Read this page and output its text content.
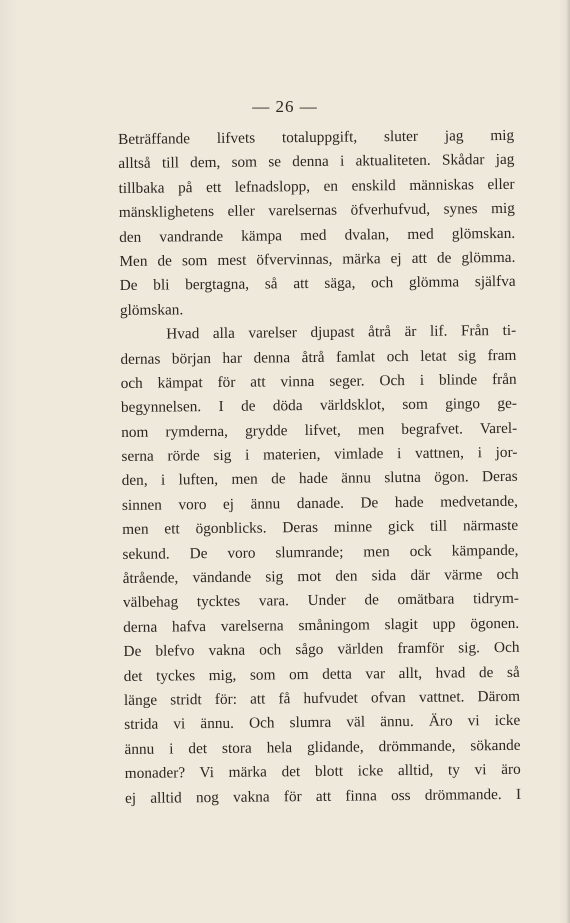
— 26 —
Beträffande lifvets totaluppgift, sluter jag mig
alltså till dem, som se denna i aktualiteten. Skådar jag
tillbaka på ett lefnadslopp, en enskild människas eller
mänsklighetens eller varelsernas öfverhufvud, synes mig
den vandrande kämpa med dvalan, med glömskan.
Men de som mest öfvervinnas, märka ej att de glömma.
De bli bergtagna, så att säga, och glömma själfva
glömskan.
Hvad alla varelser djupast åtrå är lif. Från ti-
dernas början har denna åtrå famlat och letat sig fram
och kämpat för att vinna seger. Och i blinde från
begynnelsen. I de döda världsklot, som gingo ge-
nom rymderna, grydde lifvet, men begrafvet. Varel-
serna rörde sig i materien, vimlade i vattnen, i jor-
den, i luften, men de hade ännu slutna ögon. Deras
sinnen voro ej ännu danade. De hade medvetande,
men ett ögonblicks. Deras minne gick till närmaste
sekund. De voro slumrande; men ock kämpande,
åtrående, vändande sig mot den sida där värme och
välbehag tycktes vara. Under de omätbara tidrym-
derna hafva varelserna småningom slagit upp ögonen.
De blefvo vakna och sågo världen framför sig. Och
det tyckes mig, som om detta var allt, hvad de så
länge stridt för: att få hufvudet ofvan vattnet. Därom
strida vi ännu. Och slumra väl ännu. Äro vi icke
ännu i det stora hela glidande, drömmande, sökande
monader? Vi märka det blott icke alltid, ty vi äro
ej alltid nog vakna för att finna oss drömmande. I
